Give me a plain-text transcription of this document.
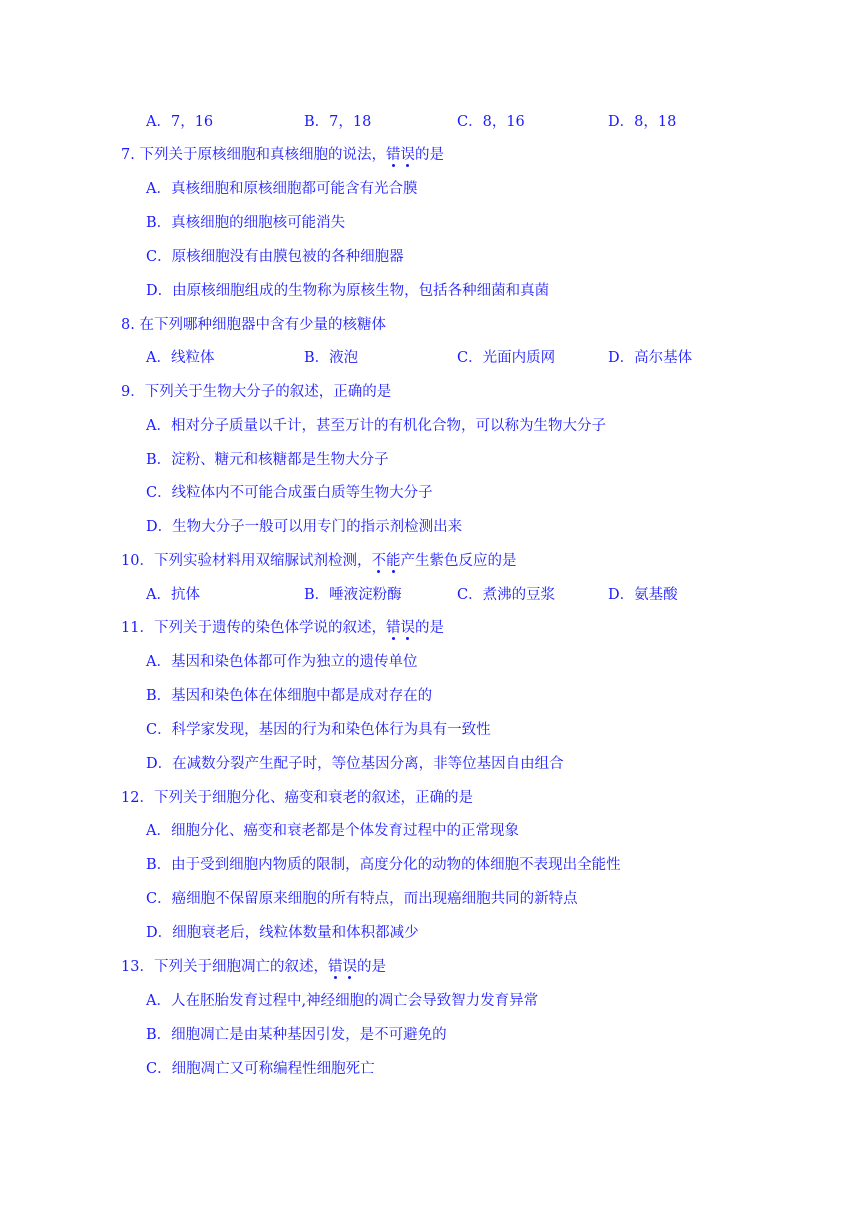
A．7，16	B．7，18	C．8，16	D．8，18
7. 下列关于原核细胞和真核细胞的说法，错误的是
A．真核细胞和原核细胞都可能含有光合膜
B．真核细胞的细胞核可能消失
C．原核细胞没有由膜包被的各种细胞器
D．由原核细胞组成的生物称为原核生物，包括各种细菌和真菌
8. 在下列哪种细胞器中含有少量的核糖体
A．线粒体	B．液泡	C．光面内质网	D．高尔基体
9．下列关于生物大分子的叙述，正确的是
A．相对分子质量以千计，甚至万计的有机化合物，可以称为生物大分子
B．淀粉、糖元和核糖都是生物大分子
C．线粒体内不可能合成蛋白质等生物大分子
D．生物大分子一般可以用专门的指示剂检测出来
10．下列实验材料用双缩脲试剂检测，不能产生紫色反应的是
A．抗体	B．唾液淀粉酶	C．煮沸的豆浆	D．氨基酸
11．下列关于遗传的染色体学说的叙述，错误的是
A．基因和染色体都可作为独立的遗传单位
B．基因和染色体在体细胞中都是成对存在的
C．科学家发现，基因的行为和染色体行为具有一致性
D．在减数分裂产生配子时，等位基因分离，非等位基因自由组合
12．下列关于细胞分化、癌变和衰老的叙述，正确的是
A．细胞分化、癌变和衰老都是个体发育过程中的正常现象
B．由于受到细胞内物质的限制，高度分化的动物的体细胞不表现出全能性
C．癌细胞不保留原来细胞的所有特点，而出现癌细胞共同的新特点
D．细胞衰老后，线粒体数量和体积都减少
13．下列关于细胞凋亡的叙述，错误的是
A．人在胚胎发育过程中,神经细胞的凋亡会导致智力发育异常
B．细胞凋亡是由某种基因引发，是不可避免的
C．细胞凋亡又可称编程性细胞死亡
